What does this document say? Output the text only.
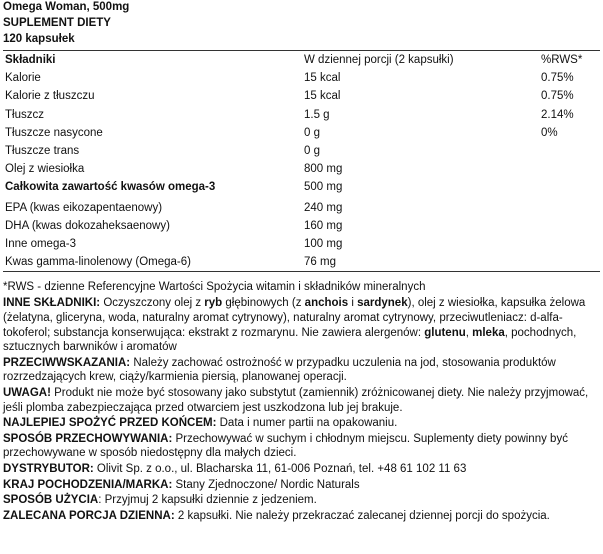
Omega Woman, 500mg
SUPLEMENT DIETY
120 kapsułek
Składniki	W dziennej porcji (2 kapsułki)	%RWS*
Kalorie	15 kcal	0.75%
Kalorie z tłuszczu	15 kcal	0.75%
Tłuszcz	1.5 g	2.14%
Tłuszcze nasycone	0 g	0%
Tłuszcze trans	0 g	
Olej z wiesiołka	800 mg	
Całkowita zawartość kwasów omega-3	500 mg	
EPA (kwas eikozapentaenowy)	240 mg	
DHA (kwas dokozaheksaenowy)	160 mg	
Inne omega-3	100 mg	
Kwas gamma-linolenowy (Omega-6)	76 mg	
*RWS - dzienne Referencyjne Wartości Spożycia witamin i składników mineralnych
INNE SKŁADNIKI: Oczyszczony olej z ryb głębinowych (z anchois i sardynek), olej z wiesiołka, kapsułka żelowa (żelatyna, gliceryna, woda, naturalny aromat cytrynowy), naturalny aromat cytrynowy, przeciwutleniacz: d-alfa-tokoferol; substancja konserwująca: ekstrakt z rozmarynu. Nie zawiera alergenów: glutenu, mleka, pochodnych, sztucznych barwników i aromatów
PRZECIWWSKAZANIA: Należy zachować ostrożność w przypadku uczulenia na jod, stosowania produktów rozrzedzających krew, ciąży/karmienia piersią, planowanej operacji.
UWAGA! Produkt nie może być stosowany jako substytut (zamiennik) zróżnicowanej diety. Nie należy przyjmować, jeśli plomba zabezpieczająca przed otwarciem jest uszkodzona lub jej brakuje.
NAJLEPIEJ SPOŻYĆ PRZED KOŃCEM: Data i numer partii na opakowaniu.
SPOSÓB PRZECHOWYWANIA: Przechowywać w suchym i chłodnym miejscu. Suplementy diety powinny być przechowywane w sposób niedostępny dla małych dzieci.
DYSTRYBUTOR: Olivit Sp. z o.o., ul. Blacharska 11, 61-006 Poznań, tel. +48 61 102 11 63
KRAJ POCHODZENIA/MARKA: Stany Zjednoczone/ Nordic Naturals
SPOSÓB UŻYCIA: Przyjmuj 2 kapsułki dziennie z jedzeniem.
ZALECANA PORCJA DZIENNA: 2 kapsułki. Nie należy przekraczać zalecanej dziennej porcji do spożycia.
